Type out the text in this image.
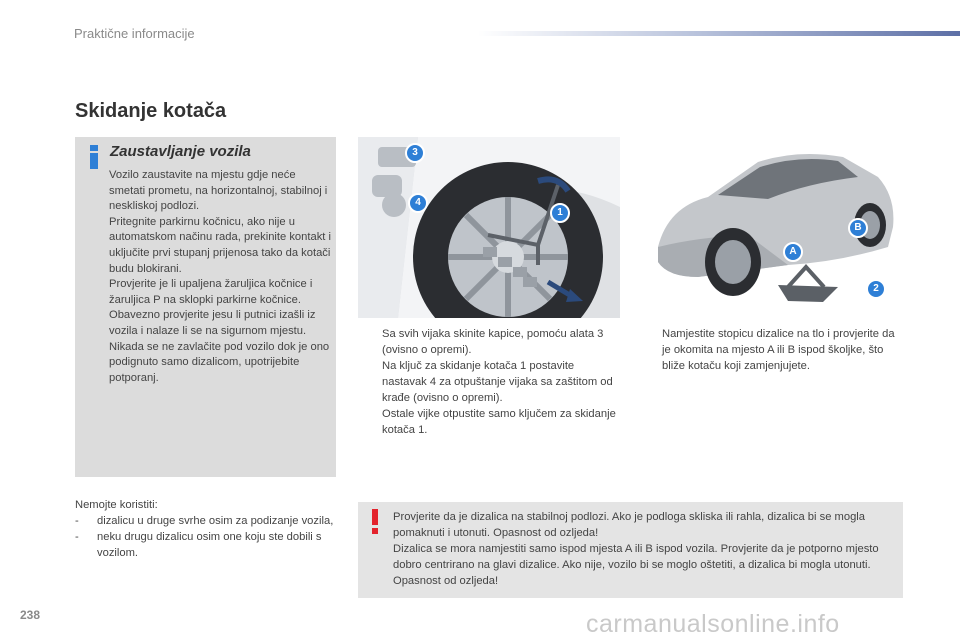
Praktične informacije
Skidanje kotača
Zaustavljanje vozila

Vozilo zaustavite na mjestu gdje neće smetati prometu, na horizontalnoj, stabilnoj i neskliskoj podlozi.

Pritegnite parkirnu kočnicu, ako nije u automatskom načinu rada, prekinite kontakt i uključite prvi stupanj prijenosa tako da kotači budu blokirani.

Provjerite je li upaljena žaruljica kočnice i žaruljica P na sklopki parkirne kočnice.

Obavezno provjerite jesu li putnici izašli iz vozila i nalaze li se na sigurnom mjestu.

Nikada se ne zavlačite pod vozilo dok je ono podignuto samo dizalicom, upotrijebite potporanj.

3
4
1
B
A
2
Sa svih vijaka skinite kapice, pomoću alata 3 (ovisno o opremi).
Na ključ za skidanje kotača 1 postavite nastavak 4 za otpuštanje vijaka sa zaštitom od krađe (ovisno o opremi).
Ostale vijke otpustite samo ključem za skidanje kotača 1.
Namjestite stopicu dizalice na tlo i provjerite da je okomita na mjesto A ili B ispod školjke, što bliže kotaču koji zamjenjujete.

Nemojte koristiti:

- dizalicu u druge svrhe osim za podizanje vozila,
- neku drugu dizalicu osim one koju ste dobili s vozilom.

Provjerite da je dizalica na stabilnoj podlozi. Ako je podloga skliska ili rahla, dizalica bi se mogla pomaknuti i utonuti. Opasnost od ozljeda!

Dizalica se mora namjestiti samo ispod mjesta A ili B ispod vozila. Provjerite da je potporno mjesto dobro centrirano na glavi dizalice. Ako nije, vozilo bi se moglo oštetiti, a dizalica bi mogla utonuti. Opasnost od ozljeda!

238	carmanualsonline.info
